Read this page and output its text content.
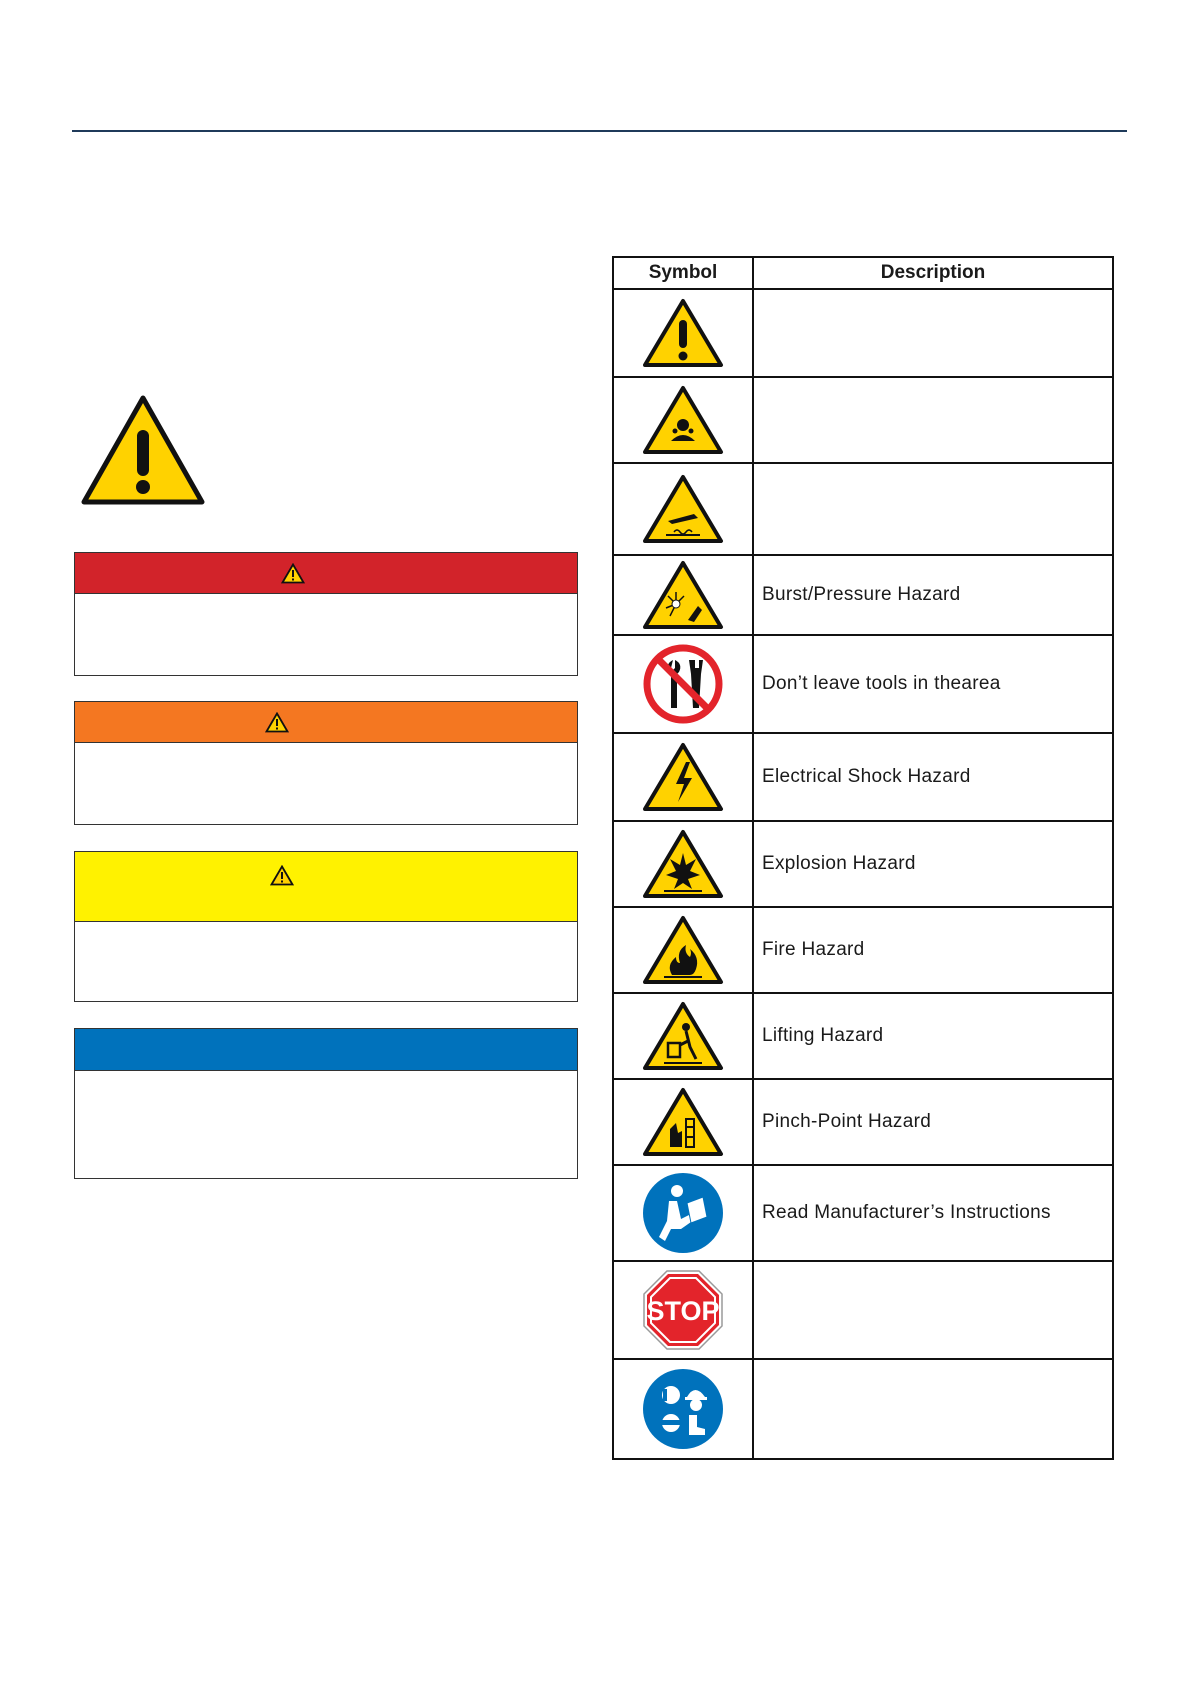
Symbol	Description

	Burst/Pressure Hazard

	Don’t leave tools in thearea

	Electrical Shock Hazard

	Explosion Hazard

	Fire Hazard

	Lifting Hazard

	Pinch-Point Hazard

	Read Manufacturer’s Instructions

STOP	
